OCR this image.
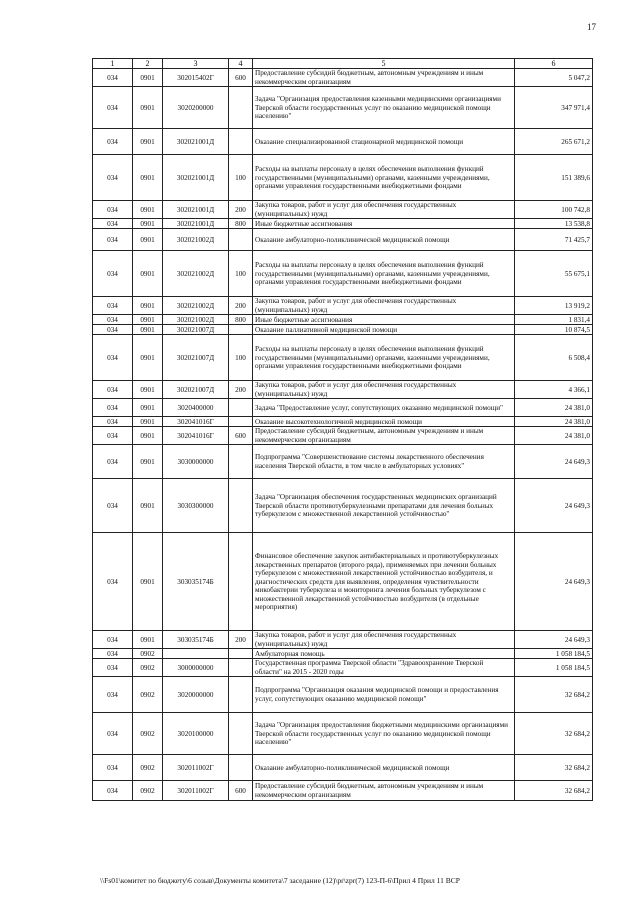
17
1	2	3	4	5	6
034	0901	302015402Г	600	Предоставление субсидий бюджетным, автономным учреждениям и иным некоммерческим организациям	5 047,2
034	0901	3020200000		Задача "Организация предоставления казенными медицинскими организациями Тверской области государственных услуг по оказанию медицинской помощи населению"	347 971,4
034	0901	302021001Д		Оказание специализированной стационарной медицинской помощи	265 671,2
034	0901	302021001Д	100	Расходы на выплаты персоналу в целях обеспечения выполнения функций государственными (муниципальными) органами, казенными учреждениями, органами управления государственными внебюджетными фондами	151 389,6
034	0901	302021001Д	200	Закупка товаров, работ и услуг для обеспечения государственных (муниципальных) нужд	100 742,8
034	0901	302021001Д	800	Иные бюджетные ассигнования	13 538,8
034	0901	302021002Д		Оказание амбулаторно-поликлинической медицинской помощи	71 425,7
034	0901	302021002Д	100	Расходы на выплаты персоналу в целях обеспечения выполнения функций государственными (муниципальными) органами, казенными учреждениями, органами управления государственными внебюджетными фондами	55 675,1
034	0901	302021002Д	200	Закупка товаров, работ и услуг для обеспечения государственных (муниципальных) нужд	13 919,2
034	0901	302021002Д	800	Иные бюджетные ассигнования	1 831,4
034	0901	302021007Д		Оказание паллиативной медицинской помощи	10 874,5
034	0901	302021007Д	100	Расходы на выплаты персоналу в целях обеспечения выполнения функций государственными (муниципальными) органами, казенными учреждениями, органами управления государственными внебюджетными фондами	6 508,4
034	0901	302021007Д	200	Закупка товаров, работ и услуг для обеспечения государственных (муниципальных) нужд	4 366,1
034	0901	3020400000		Задача "Предоставление услуг, сопутствующих оказанию медицинской помощи"	24 381,0
034	0901	302041016Г		Оказание высокотехнологичной медицинской помощи	24 381,0
034	0901	302041016Г	600	Предоставление субсидий бюджетным, автономным учреждениям и иным некоммерческим организациям	24 381,0
034	0901	3030000000		Подпрограмма "Совершенствование системы лекарственного обеспечения населения Тверской области, в том числе в амбулаторных условиях"	24 649,3
034	0901	3030300000		Задача "Организация обеспечения государственных медицинских организаций Тверской области противотуберкулезными препаратами для лечения больных туберкулезом с множественной лекарственной устойчивостью"	24 649,3
034	0901	303035174Б		Финансовое обеспечение закупок антибактериальных и противотуберкулезных лекарственных препаратов (второго ряда), применяемых при лечении больных туберкулезом с множественной лекарственной устойчивостью возбудителя, и диагностических средств для выявления, определения чувствительности микобактерии туберкулеза и мониторинга лечения больных туберкулезом с множественной лекарственной устойчивостью возбудителя (в отдельные мероприятия)	24 649,3
034	0901	303035174Б	200	Закупка товаров, работ и услуг для обеспечения государственных (муниципальных) нужд	24 649,3
034	0902			Амбулаторная помощь	1 058 184,5
034	0902	3000000000		Государственная программа Тверской области "Здравоохранение Тверской области" на 2015 - 2020 годы	1 058 184,5
034	0902	3020000000		Подпрограмма "Организация оказания медицинской помощи и предоставления услуг, сопутствующих оказанию медицинской помощи"	32 684,2
034	0902	3020100000		Задача "Организация предоставления бюджетными медицинскими организациями Тверской области государственных услуг по оказанию медицинской помощи населению"	32 684,2
034	0902	302011002Г		Оказание амбулаторно-поликлинической медицинской помощи	32 684,2
034	0902	302011002Г	600	Предоставление субсидий бюджетным, автономным учреждениям и иным некоммерческим организациям	32 684,2
\\Fs01\комитет по бюджету\6 созыв\Документы комитета\7 заседание (12)\pr\zpr(7) 123-П-6\Прил 4 Прил 11 ВСР
